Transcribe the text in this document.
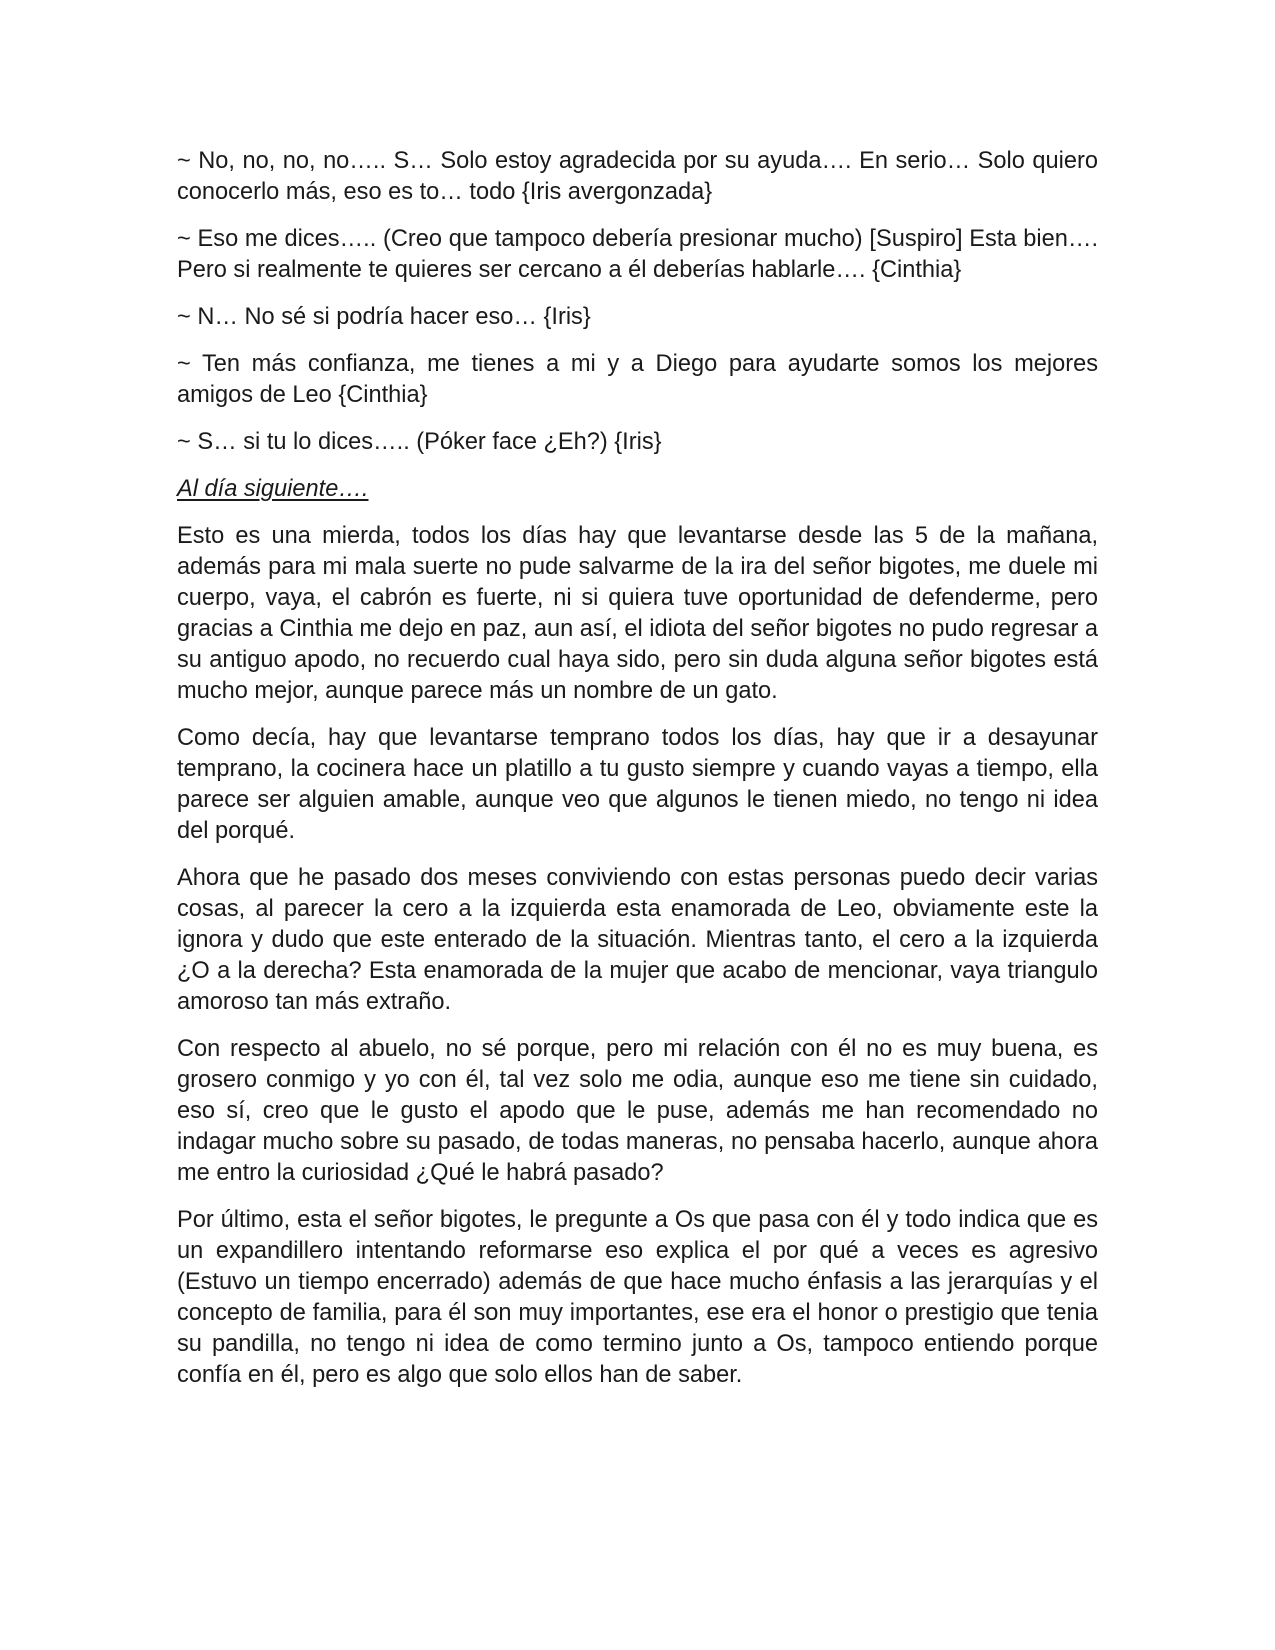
~ No, no, no, no….. S… Solo estoy agradecida por su ayuda…. En serio… Solo quiero conocerlo más, eso es to… todo {Iris avergonzada}

~ Eso me dices….. (Creo que tampoco debería presionar mucho) [Suspiro] Esta bien…. Pero si realmente te quieres ser cercano a él deberías hablarle…. {Cinthia}

~ N… No sé si podría hacer eso… {Iris}

~ Ten más confianza, me tienes a mi y a Diego para ayudarte somos los mejores amigos de Leo {Cinthia}

~ S… si tu lo dices….. (Póker face ¿Eh?) {Iris}

Al día siguiente….

Esto es una mierda, todos los días hay que levantarse desde las 5 de la mañana, además para mi mala suerte no pude salvarme de la ira del señor bigotes, me duele mi cuerpo, vaya, el cabrón es fuerte, ni si quiera tuve oportunidad de defenderme, pero gracias a Cinthia me dejo en paz, aun así, el idiota del señor bigotes no pudo regresar a su antiguo apodo, no recuerdo cual haya sido, pero sin duda alguna señor bigotes está mucho mejor, aunque parece más un nombre de un gato.

Como decía, hay que levantarse temprano todos los días, hay que ir a desayunar temprano, la cocinera hace un platillo a tu gusto siempre y cuando vayas a tiempo, ella parece ser alguien amable, aunque veo que algunos le tienen miedo, no tengo ni idea del porqué.

Ahora que he pasado dos meses conviviendo con estas personas puedo decir varias cosas, al parecer la cero a la izquierda esta enamorada de Leo, obviamente este la ignora y dudo que este enterado de la situación. Mientras tanto, el cero a la izquierda ¿O a la derecha? Esta enamorada de la mujer que acabo de mencionar, vaya triangulo amoroso tan más extraño.

Con respecto al abuelo, no sé porque, pero mi relación con él no es muy buena, es grosero conmigo y yo con él, tal vez solo me odia, aunque eso me tiene sin cuidado, eso sí, creo que le gusto el apodo que le puse, además me han recomendado no indagar mucho sobre su pasado, de todas maneras, no pensaba hacerlo, aunque ahora me entro la curiosidad ¿Qué le habrá pasado?

Por último, esta el señor bigotes, le pregunte a Os que pasa con él y todo indica que es un expandillero intentando reformarse eso explica el por qué a veces es agresivo (Estuvo un tiempo encerrado) además de que hace mucho énfasis a las jerarquías y el concepto de familia, para él son muy importantes, ese era el honor o prestigio que tenia su pandilla, no tengo ni idea de como termino junto a Os, tampoco entiendo porque confía en él, pero es algo que solo ellos han de saber.
